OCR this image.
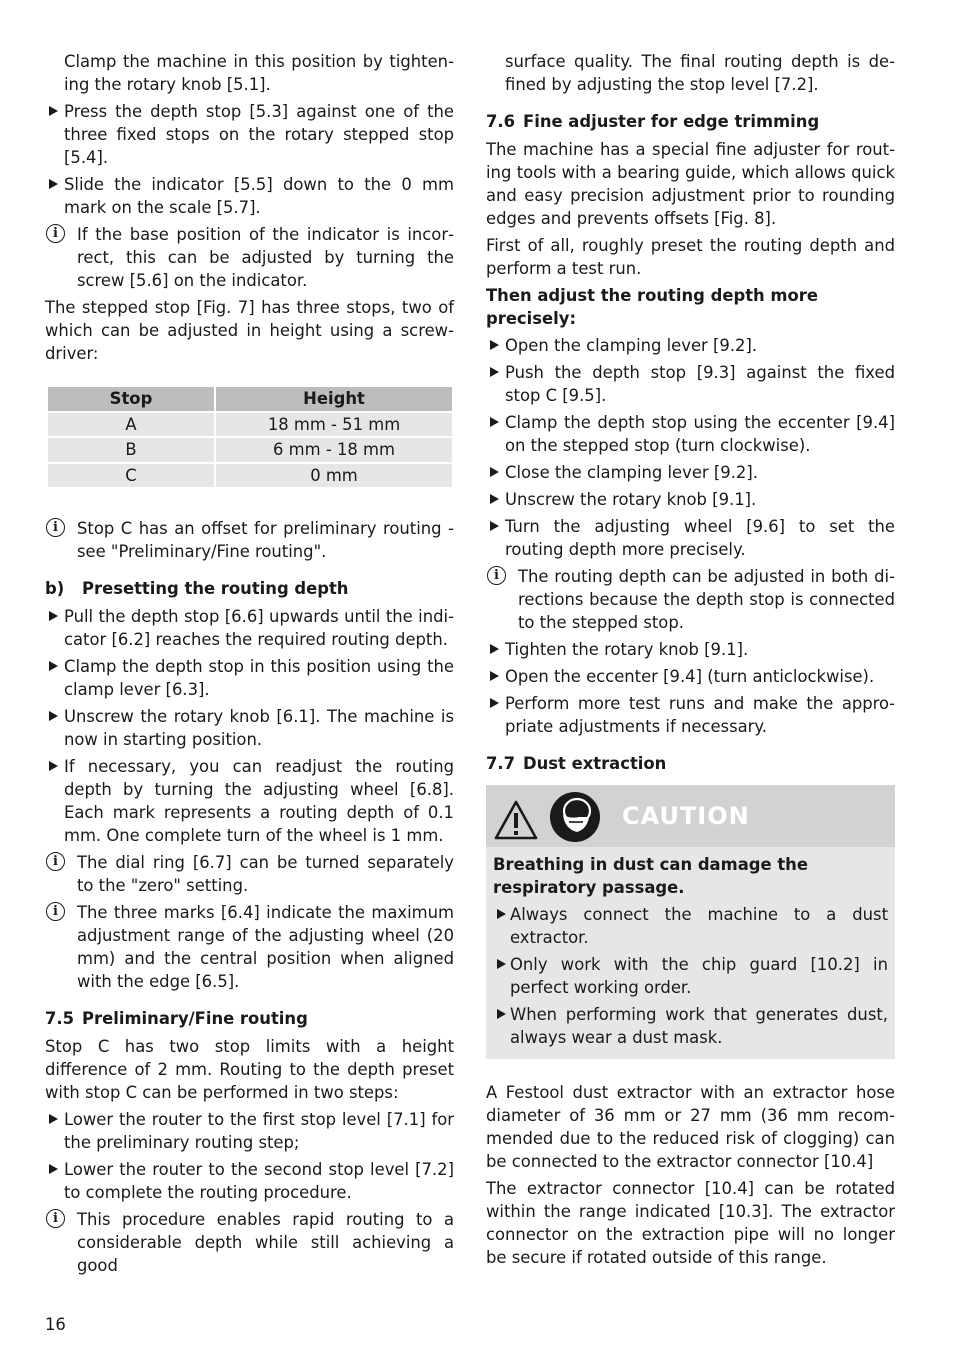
Clamp the machine in this position by tightening the rotary knob [5.1].

Press the depth stop [5.3] against one of the three fixed stops on the rotary stepped stop [5.4].
Slide the indicator [5.5] down to the 0 mm mark on the scale [5.7].
i	If the base position of the indicator is incorrect, this can be adjusted by turning the screw [5.6] on the indicator.

The stepped stop [Fig. 7] has three stops, two of which can be adjusted in height using a screwdriver:

Stop	Height
A	18 mm - 51 mm
B	6 mm - 18 mm
C	0 mm
i	Stop C has an offset for preliminary routing - see "Preliminary/Fine routing".
b) Presetting the routing depth
Pull the depth stop [6.6] upwards until the indicator [6.2] reaches the required routing depth.
Clamp the depth stop in this position using the clamp lever [6.3].
Unscrew the rotary knob [6.1]. The machine is now in starting position.
If necessary, you can readjust the routing depth by turning the adjusting wheel [6.8]. Each mark represents a routing depth of 0.1 mm. One complete turn of the wheel is 1 mm.
i	The dial ring [6.7] can be turned separately to the "zero" setting.
i	The three marks [6.4] indicate the maximum adjustment range of the adjusting wheel (20 mm) and the central position when aligned with the edge [6.5].
7.5 Preliminary/Fine routing

Stop C has two stop limits with a height difference of 2 mm. Routing to the depth preset with stop C can be performed in two steps:

Lower the router to the first stop level [7.1] for the preliminary routing step;
Lower the router to the second stop level [7.2] to complete the routing procedure.
i	This procedure enables rapid routing to a considerable depth while still achieving a good

surface quality. The final routing depth is defined by adjusting the stop level [7.2].

7.6 Fine adjuster for edge trimming

The machine has a special fine adjuster for routing tools with a bearing guide, which allows quick and easy precision adjustment prior to rounding edges and prevents offsets [Fig. 8].

First of all, roughly preset the routing depth and perform a test run.

Then adjust the routing depth more precisely:
Open the clamping lever [9.2].
Push the depth stop [9.3] against the fixed stop C [9.5].
Clamp the depth stop using the eccenter [9.4] on the stepped stop (turn clockwise).
Close the clamping lever [9.2].
Unscrew the rotary knob [9.1].
Turn the adjusting wheel [9.6] to set the routing depth more precisely.
i	The routing depth can be adjusted in both directions because the depth stop is connected to the stepped stop.
Tighten the rotary knob [9.1].
Open the eccenter [9.4] (turn anticlockwise).
Perform more test runs and make the appropriate adjustments if necessary.
7.7 Dust extraction
CAUTION
Breathing in dust can damage the respiratory passage.
Always connect the machine to a dust extractor.
Only work with the chip guard [10.2] in perfect working order.
When performing work that generates dust, always wear a dust mask.

A Festool dust extractor with an extractor hose diameter of 36 mm or 27 mm (36 mm recommended due to the reduced risk of clogging) can be connected to the extractor connector [10.4]

The extractor connector [10.4] can be rotated within the range indicated [10.3]. The extractor connector on the extraction pipe will no longer be secure if rotated outside of this range.

16
